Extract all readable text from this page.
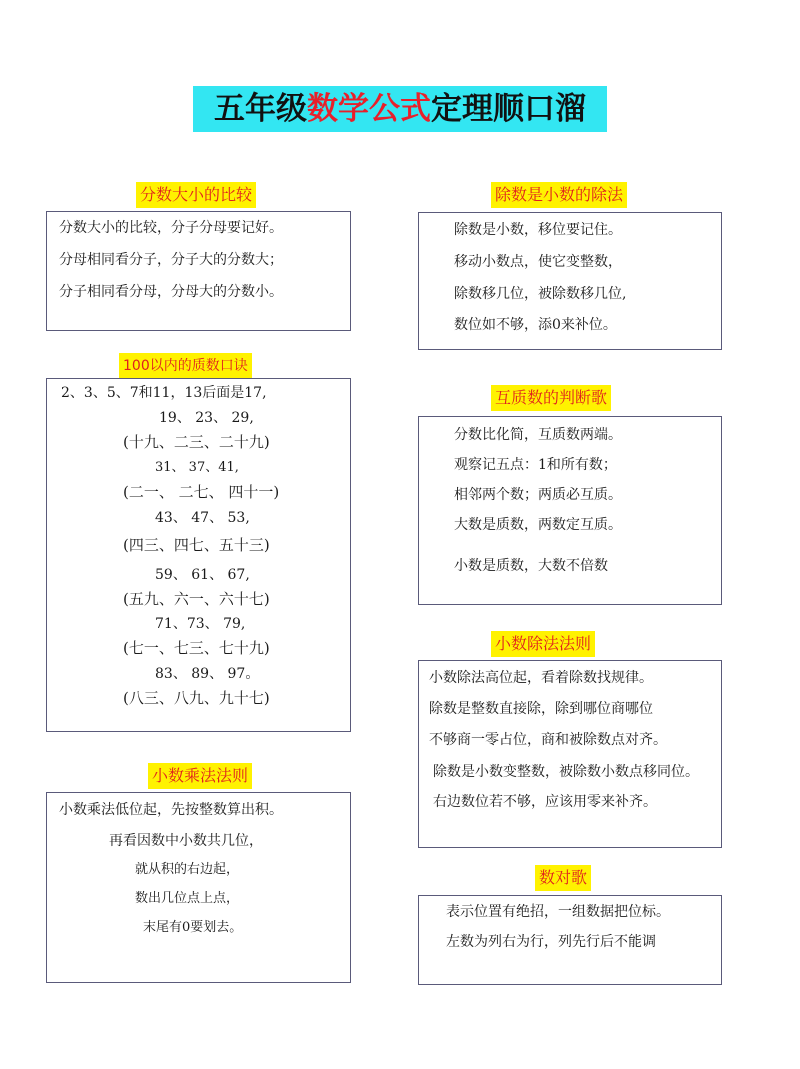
五年级数学公式定理顺口溜
分数大小的比较
分数大小的比较，分子分母要记好。
分母相同看分子，分子大的分数大；
分子相同看分母，分母大的分数小。
100以内的质数口诀
2、3、5、7和11，13后面是17,
19、 23、 29,
(十九、二三、二十九)
31、 37、41,
(二一、 二七、 四十一)
43、 47、 53,
(四三、四七、五十三)
59、 61、 67,
(五九、六一、六十七)
71、73、 79,
(七一、七三、七十九)
83、 89、 97。
(八三、八九、九十七)
小数乘法法则
小数乘法低位起，先按整数算出积。
再看因数中小数共几位，
就从积的右边起，
数出几位点上点，
末尾有0要划去。
除数是小数的除法
除数是小数，移位要记住。
移动小数点，使它变整数，
除数移几位，被除数移几位,
数位如不够，添0来补位。
互质数的判断歌
分数比化简，互质数两端。
观察记五点：1和所有数；
相邻两个数；两质必互质。
大数是质数，两数定互质。
小数是质数，大数不倍数
小数除法法则
小数除法高位起，看着除数找规律。
除数是整数直接除，除到哪位商哪位
不够商一零占位，商和被除数点对齐。
除数是小数变整数，被除数小数点移同位。
右边数位若不够，应该用零来补齐。
数对歌
表示位置有绝招，一组数据把位标。
左数为列右为行，列先行后不能调
